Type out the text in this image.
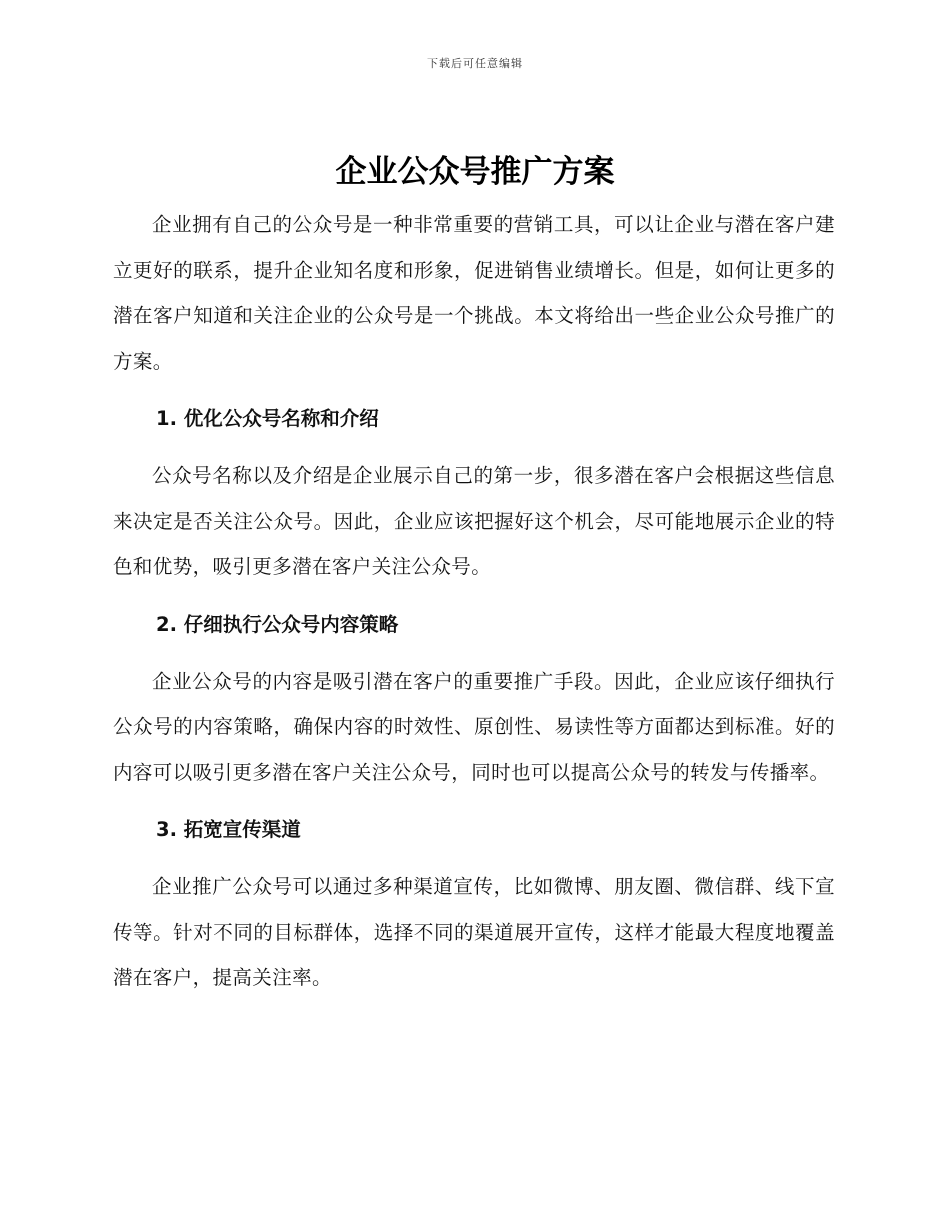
下载后可任意编辑
企业公众号推广方案

企业拥有自己的公众号是一种非常重要的营销工具，可以让企业与潜在客户建立更好的联系，提升企业知名度和形象，促进销售业绩增长。但是，如何让更多的潜在客户知道和关注企业的公众号是一个挑战。本文将给出一些企业公众号推广的方案。

1. 优化公众号名称和介绍

公众号名称以及介绍是企业展示自己的第一步，很多潜在客户会根据这些信息来决定是否关注公众号。因此，企业应该把握好这个机会，尽可能地展示企业的特色和优势，吸引更多潜在客户关注公众号。

2. 仔细执行公众号内容策略

企业公众号的内容是吸引潜在客户的重要推广手段。因此，企业应该仔细执行公众号的内容策略，确保内容的时效性、原创性、易读性等方面都达到标准。好的内容可以吸引更多潜在客户关注公众号，同时也可以提高公众号的转发与传播率。

3. 拓宽宣传渠道

企业推广公众号可以通过多种渠道宣传，比如微博、朋友圈、微信群、线下宣传等。针对不同的目标群体，选择不同的渠道展开宣传，这样才能最大程度地覆盖潜在客户，提高关注率。
